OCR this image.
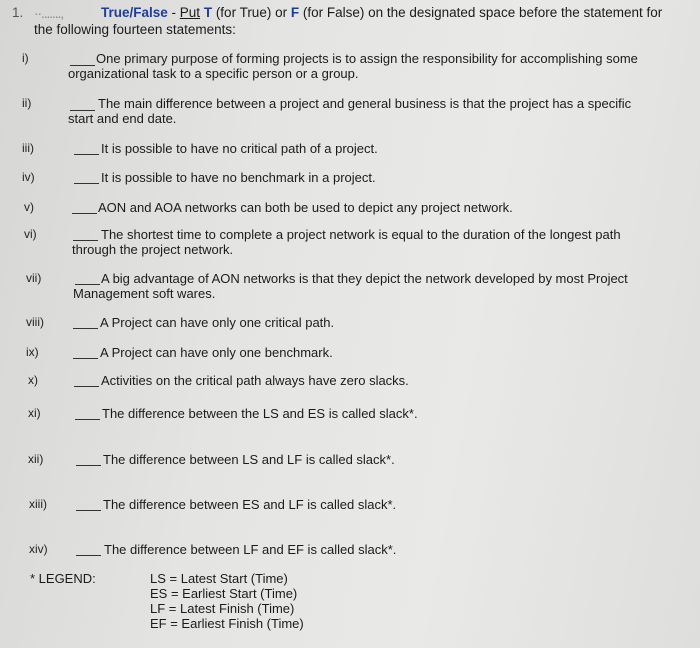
1. ··.......,	True/False - Put T (for True) or F (for False) on the designated space before the statement for
the following fourteen statements:
i)	One primary purpose of forming projects is to assign the responsibility for accomplishing some
organizational task to a specific person or a group.
ii)	The main difference between a project and general business is that the project has a specific
start and end date.
iii)	It is possible to have no critical path of a project.
iv)	It is possible to have no benchmark in a project.
v)	AON and AOA networks can both be used to depict any project network.
vi)	The shortest time to complete a project network is equal to the duration of the longest path
through the project network.
vii)	A big advantage of AON networks is that they depict the network developed by most Project
Management soft wares.
viii)	A Project can have only one critical path.
ix)	A Project can have only one benchmark.
x)	Activities on the critical path always have zero slacks.
xi)	The difference between the LS and ES is called slack*.
xii)	The difference between LS and LF is called slack*.
xiii)	The difference between ES and LF is called slack*.
xiv)	The difference between LF and EF is called slack*.
* LEGEND:	LS = Latest Start (Time)
ES = Earliest Start (Time)
LF = Latest Finish (Time)
EF = Earliest Finish (Time)
